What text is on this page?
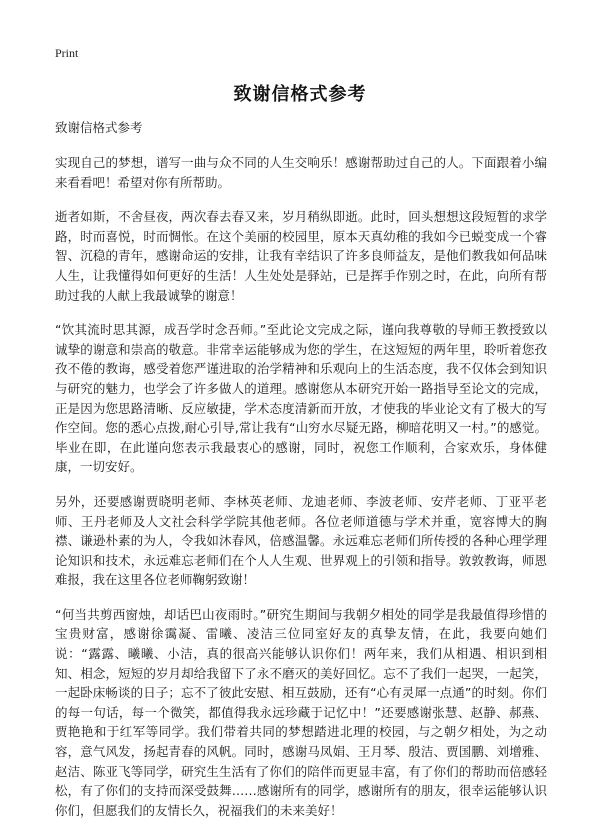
Print
致谢信格式参考

致谢信格式参考

实现自己的梦想，谱写一曲与众不同的人生交响乐！感谢帮助过自己的人。下面跟着小编来看看吧！希望对你有所帮助。

逝者如斯，不舍昼夜，两次春去春又来，岁月稍纵即逝。此时，回头想想这段短暂的求学路，时而喜悦，时而惆怅。在这个美丽的校园里，原本天真幼稚的我如今已蜕变成一个睿智、沉稳的青年，感谢命运的安排，让我有幸结识了许多良师益友，是他们教我如何品味人生，让我懂得如何更好的生活！人生处处是驿站，已是挥手作别之时，在此，向所有帮助过我的人献上我最诚挚的谢意！

“饮其流时思其源，成吾学时念吾师。”至此论文完成之际，谨向我尊敬的导师王教授致以诚挚的谢意和崇高的敬意。非常幸运能够成为您的学生，在这短短的两年里，聆听着您孜孜不倦的教诲，感受着您严谨进取的治学精神和乐观向上的生活态度，我不仅体会到知识与研究的魅力，也学会了许多做人的道理。感谢您从本研究开始一路指导至论文的完成，正是因为您思路清晰、反应敏捷，学术态度清新而开放，才使我的毕业论文有了极大的写作空间。您的悉心点拨,耐心引导,常让我有“山穷水尽疑无路，柳暗花明又一村。”的感觉。毕业在即，在此谨向您表示我最衷心的感谢，同时，祝您工作顺利，合家欢乐，身体健康，一切安好。

另外，还要感谢贾晓明老师、李林英老师、龙迪老师、李波老师、安芹老师、丁亚平老师、王丹老师及人文社会科学学院其他老师。各位老师道德与学术并重，宽容博大的胸襟、谦逊朴素的为人，令我如沐春风，倍感温馨。永远难忘老师们所传授的各种心理学理论知识和技术，永远难忘老师们在个人人生观、世界观上的引领和指导。敦敦教诲，师恩难报，我在这里各位老师鞠躬致谢！

“何当共剪西窗烛，却话巴山夜雨时。”研究生期间与我朝夕相处的同学是我最值得珍惜的宝贵财富，感谢徐霭凝、雷曦、凌洁三位同室好友的真挚友情，在此，我要向她们说：“露露、曦曦、小洁，真的很高兴能够认识你们！两年来，我们从相遇、相识到相知、相念，短短的岁月却给我留下了永不磨灭的美好回忆。忘不了我们一起哭，一起笑，一起卧床畅谈的日子；忘不了彼此安慰、相互鼓励，还有“心有灵犀一点通”的时刻。你们的每一句话，每一个微笑，都值得我永远珍藏于记忆中！”还要感谢张慧、赵静、郝燕、贾艳艳和于红军等同学。我们带着共同的梦想踏进北理的校园，与之朝夕相处，为之动容，意气风发，扬起青春的风帆。同时，感谢马凤娟、王月琴、殷洁、贾国鹏、刘增雅、赵洁、陈亚飞等同学，研究生生活有了你们的陪伴而更显丰富，有了你们的帮助而倍感轻松，有了你们的支持而深受鼓舞……感谢所有的同学，感谢所有的朋友，很幸运能够认识你们，但愿我们的友情长久，祝福我们的未来美好！
